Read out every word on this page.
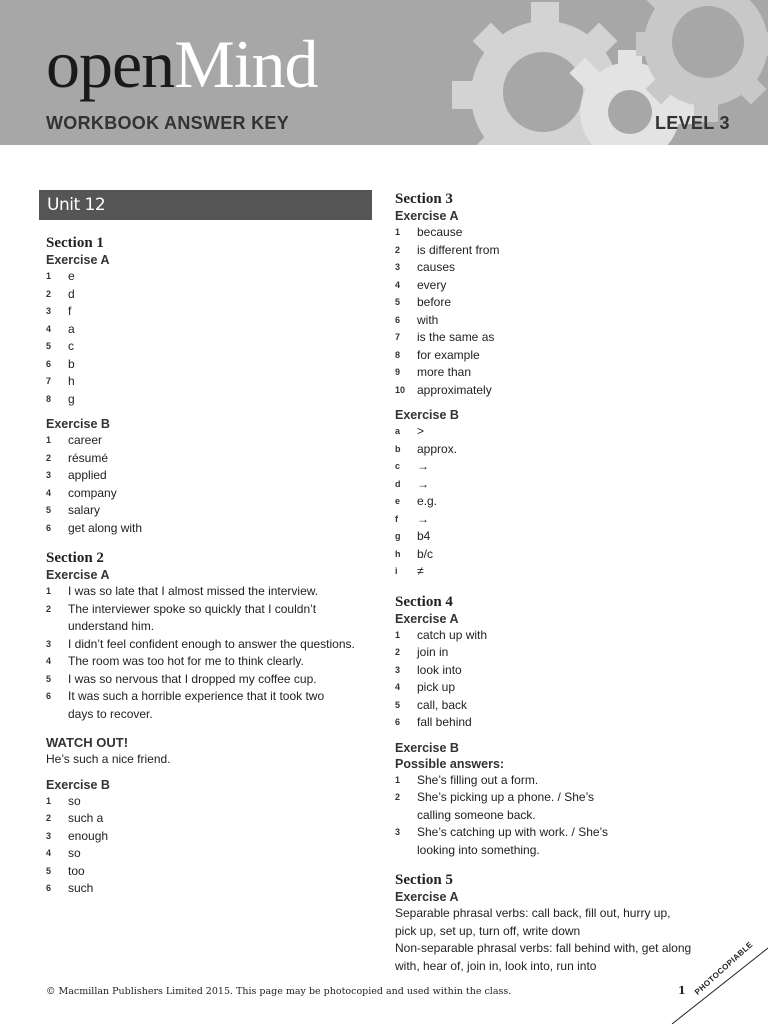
openMind
WORKBOOK ANSWER KEY	LEVEL 3
Unit 12
Section 1
Exercise A
1	e
2	d
3	f
4	a
5	c
6	b
7	h
8	g
Exercise B
1	career
2	résumé
3	applied
4	company
5	salary
6	get along with
Section 2
Exercise A
1	I was so late that I almost missed the interview.
2	The interviewer spoke so quickly that I couldn’t understand him.
3	I didn’t feel confident enough to answer the questions.
4	The room was too hot for me to think clearly.
5	I was so nervous that I dropped my coffee cup.
6	It was such a horrible experience that it took two days to recover.
WATCH OUT!

He’s such a nice friend.

Exercise B
1	so
2	such a
3	enough
4	so
5	too
6	such
Section 3
Exercise A
1	because
2	is different from
3	causes
4	every
5	before
6	with
7	is the same as
8	for example
9	more than
10 approximately
Exercise B
a	>
b	approx.
c	→
d	→
e	e.g.
f	→
g	b4
h	b/c
i	≠
Section 4
Exercise A
1	catch up with
2	join in
3	look into
4	pick up
5	call, back
6	fall behind
Exercise B
Possible answers:
1	She’s filling out a form.
2	She’s picking up a phone. / She’s calling someone back.
3	She’s catching up with work. / She’s looking into something.
Section 5
Exercise A

Separable phrasal verbs: call back, fill out, hurry up, pick up, set up, turn off, write down

Non-separable phrasal verbs: fall behind with, get along with, hear of, join in, look into, run into

© Macmillan Publishers Limited 2015. This page may be photocopied and used within the class.	1 PHOTOCOPIABLE
